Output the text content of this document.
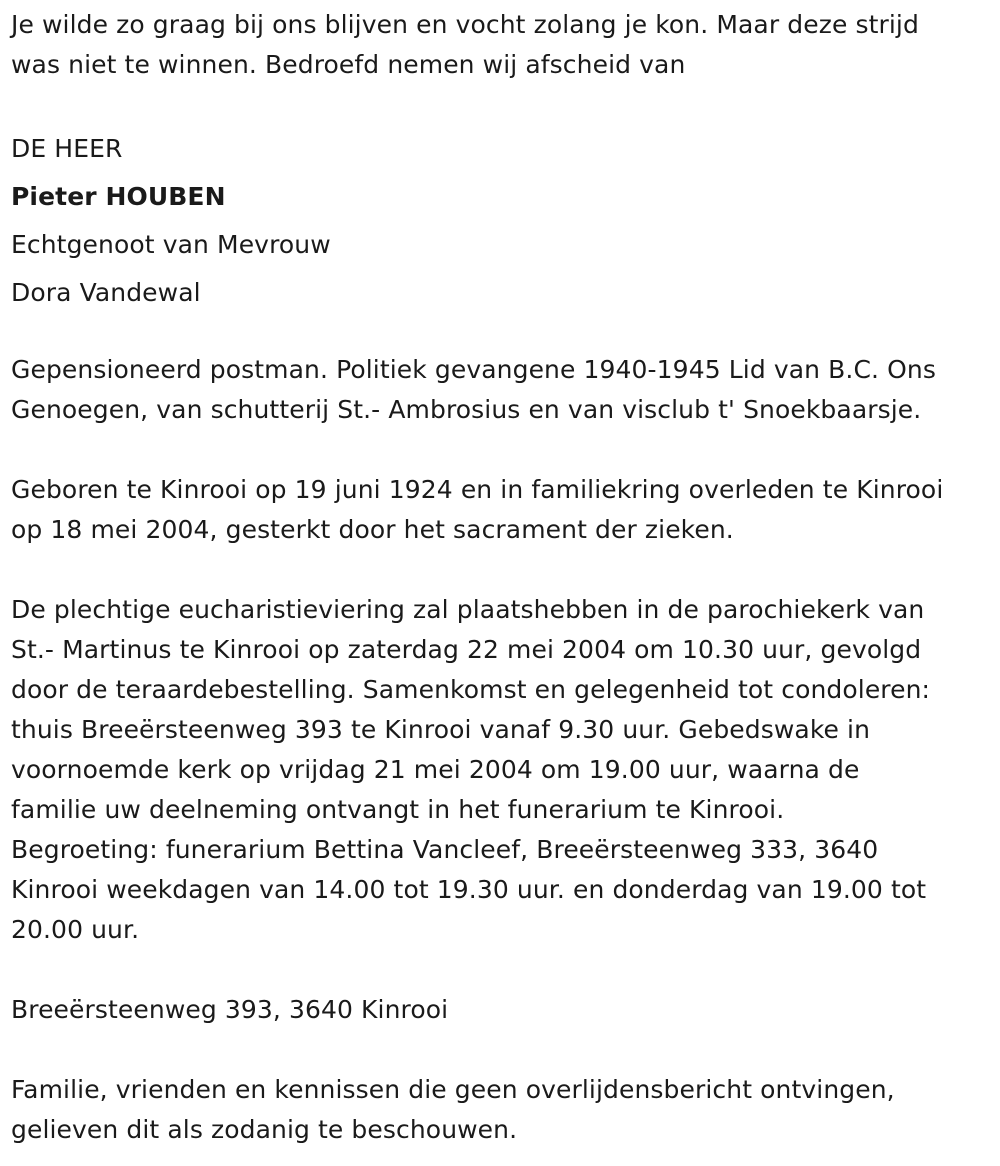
Je wilde zo graag bij ons blijven en vocht zolang je kon. Maar deze strijd
was niet te winnen. Bedroefd nemen wij afscheid van

DE HEER
Pieter HOUBEN
Echtgenoot van Mevrouw
Dora Vandewal

Gepensioneerd postman. Politiek gevangene 1940-1945 Lid van B.C. Ons
Genoegen, van schutterij St.- Ambrosius en van visclub t' Snoekbaarsje.

Geboren te Kinrooi op 19 juni 1924 en in familiekring overleden te Kinrooi
op 18 mei 2004, gesterkt door het sacrament der zieken.

De plechtige eucharistieviering zal plaatshebben in de parochiekerk van
St.- Martinus te Kinrooi op zaterdag 22 mei 2004 om 10.30 uur, gevolgd
door de teraardebestelling. Samenkomst en gelegenheid tot condoleren:
thuis Breeërsteenweg 393 te Kinrooi vanaf 9.30 uur. Gebedswake in
voornoemde kerk op vrijdag 21 mei 2004 om 19.00 uur, waarna de
familie uw deelneming ontvangt in het funerarium te Kinrooi.
Begroeting: funerarium Bettina Vancleef, Breeërsteenweg 333, 3640
Kinrooi weekdagen van 14.00 tot 19.30 uur. en donderdag van 19.00 tot
20.00 uur.

Breeërsteenweg 393, 3640 Kinrooi

Familie, vrienden en kennissen die geen overlijdensbericht ontvingen,
gelieven dit als zodanig te beschouwen.
